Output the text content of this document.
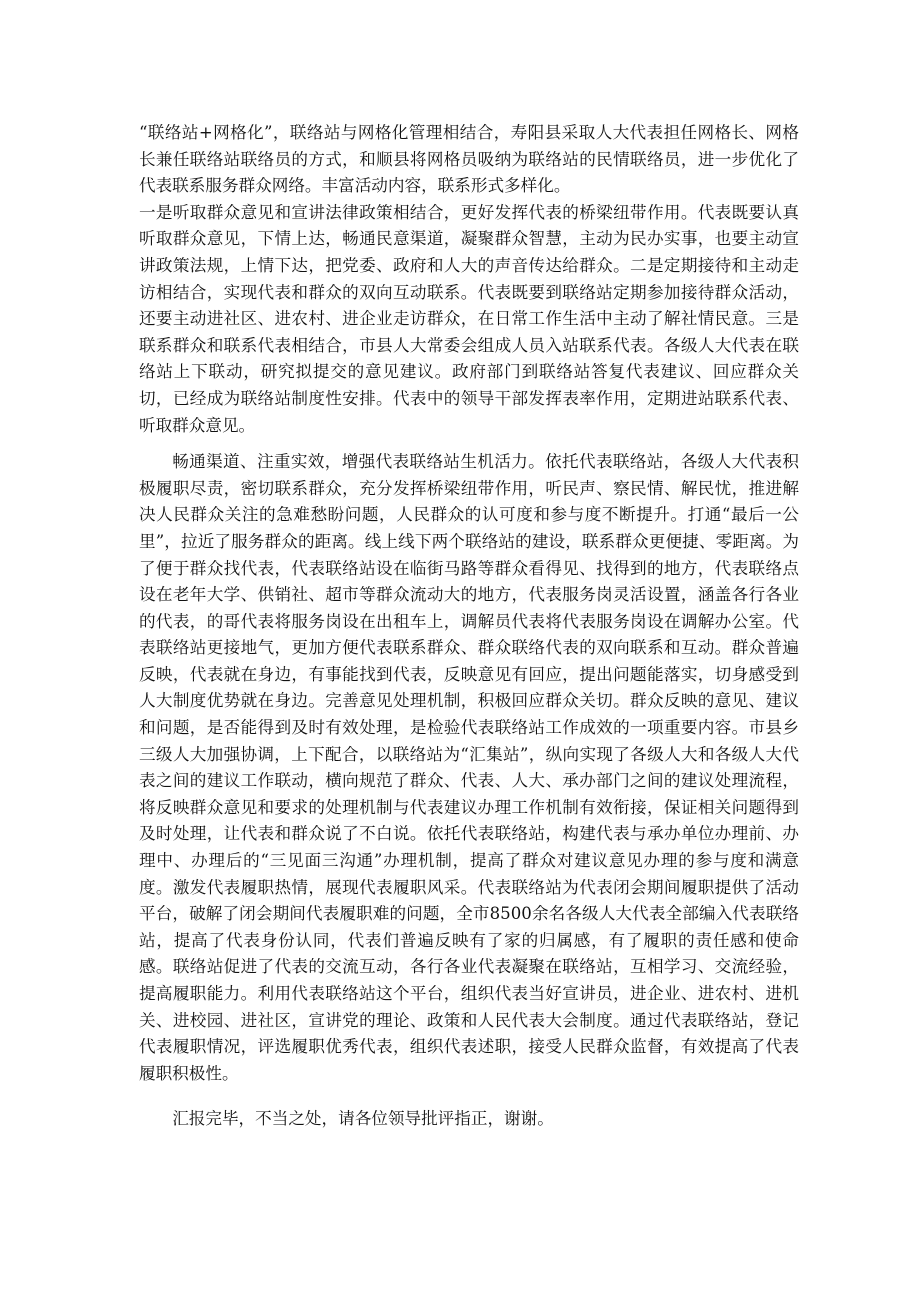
“联络站+网格化”，联络站与网格化管理相结合，寿阳县采取人大代表担任网格长、网格长兼任联络站联络员的方式，和顺县将网格员吸纳为联络站的民情联络员，进一步优化了代表联系服务群众网络。丰富活动内容，联系形式多样化。

一是听取群众意见和宣讲法律政策相结合，更好发挥代表的桥梁纽带作用。代表既要认真听取群众意见，下情上达，畅通民意渠道，凝聚群众智慧，主动为民办实事，也要主动宣讲政策法规，上情下达，把党委、政府和人大的声音传达给群众。二是定期接待和主动走访相结合，实现代表和群众的双向互动联系。代表既要到联络站定期参加接待群众活动，还要主动进社区、进农村、进企业走访群众，在日常工作生活中主动了解社情民意。三是联系群众和联系代表相结合，市县人大常委会组成人员入站联系代表。各级人大代表在联络站上下联动，研究拟提交的意见建议。政府部门到联络站答复代表建议、回应群众关切，已经成为联络站制度性安排。代表中的领导干部发挥表率作用，定期进站联系代表、听取群众意见。

畅通渠道、注重实效，增强代表联络站生机活力。依托代表联络站，各级人大代表积极履职尽责，密切联系群众，充分发挥桥梁纽带作用，听民声、察民情、解民忧，推进解决人民群众关注的急难愁盼问题，人民群众的认可度和参与度不断提升。打通“最后一公里”，拉近了服务群众的距离。线上线下两个联络站的建设，联系群众更便捷、零距离。为了便于群众找代表，代表联络站设在临街马路等群众看得见、找得到的地方，代表联络点设在老年大学、供销社、超市等群众流动大的地方，代表服务岗灵活设置，涵盖各行各业的代表，的哥代表将服务岗设在出租车上，调解员代表将代表服务岗设在调解办公室。代表联络站更接地气，更加方便代表联系群众、群众联络代表的双向联系和互动。群众普遍反映，代表就在身边，有事能找到代表，反映意见有回应，提出问题能落实，切身感受到人大制度优势就在身边。完善意见处理机制，积极回应群众关切。群众反映的意见、建议和问题，是否能得到及时有效处理，是检验代表联络站工作成效的一项重要内容。市县乡三级人大加强协调，上下配合，以联络站为“汇集站”，纵向实现了各级人大和各级人大代表之间的建议工作联动，横向规范了群众、代表、人大、承办部门之间的建议处理流程，将反映群众意见和要求的处理机制与代表建议办理工作机制有效衔接，保证相关问题得到及时处理，让代表和群众说了不白说。依托代表联络站，构建代表与承办单位办理前、办理中、办理后的“三见面三沟通”办理机制，提高了群众对建议意见办理的参与度和满意度。激发代表履职热情，展现代表履职风采。代表联络站为代表闭会期间履职提供了活动平台，破解了闭会期间代表履职难的问题，全市8500余名各级人大代表全部编入代表联络站，提高了代表身份认同，代表们普遍反映有了家的归属感，有了履职的责任感和使命感。联络站促进了代表的交流互动，各行各业代表凝聚在联络站，互相学习、交流经验，提高履职能力。利用代表联络站这个平台，组织代表当好宣讲员，进企业、进农村、进机关、进校园、进社区，宣讲党的理论、政策和人民代表大会制度。通过代表联络站，登记代表履职情况，评选履职优秀代表，组织代表述职，接受人民群众监督，有效提高了代表履职积极性。

汇报完毕，不当之处，请各位领导批评指正，谢谢。
